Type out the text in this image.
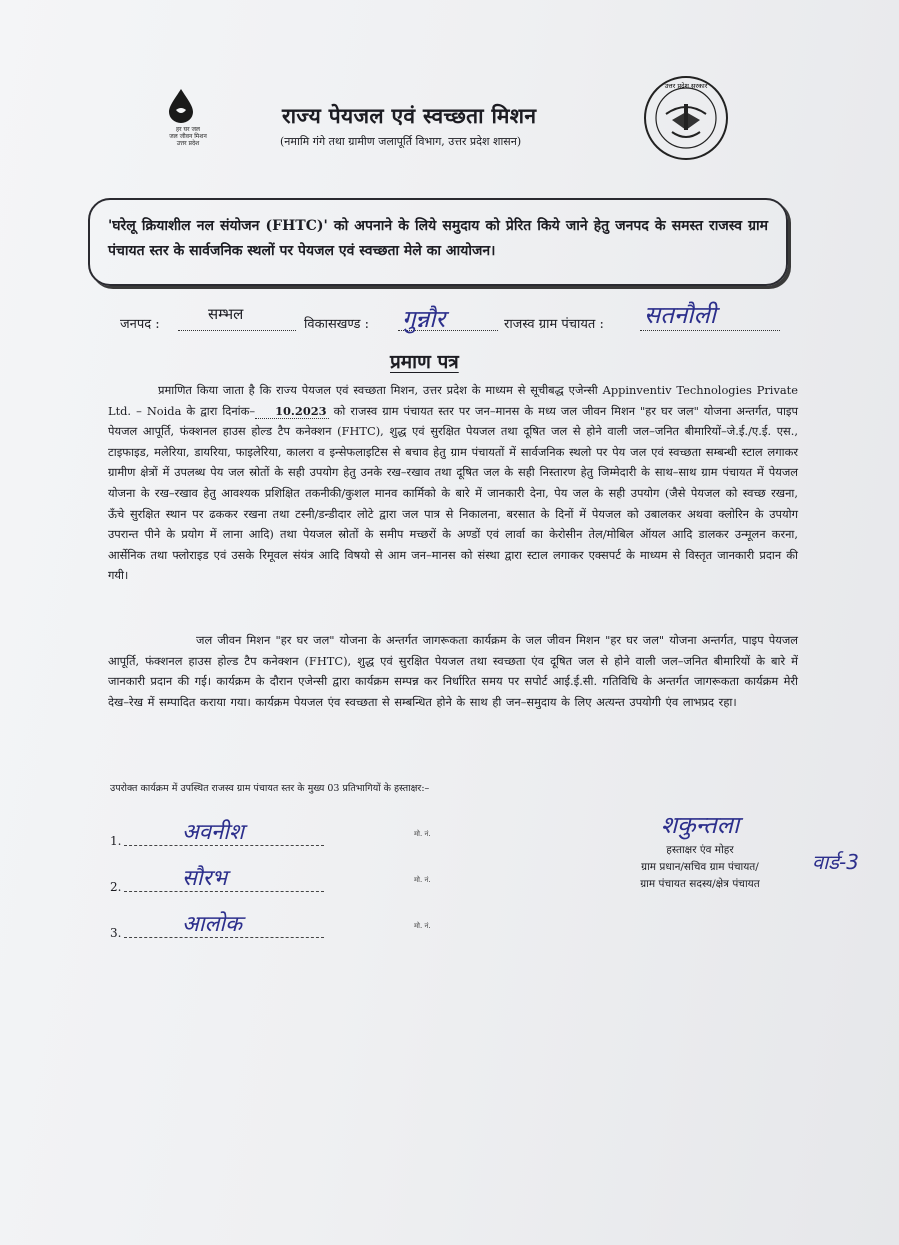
हर घर जल
जल जीवन मिशन
उत्तर प्रदेश
राज्य पेयजल एवं स्वच्छता मिशन
(नमामि गंगे तथा ग्रामीण जलापूर्ति विभाग, उत्तर प्रदेश शासन)
उत्तर प्रदेश सरकार
'घरेलू क्रियाशील नल संयोजन (FHTC)' को अपनाने के लिये समुदाय को प्रेरित किये जाने हेतु जनपद के समस्त राजस्व ग्राम पंचायत स्तर के सार्वजनिक स्थलों पर पेयजल एवं स्वच्छता मेले का आयोजन।
जनपद :
सम्भल
विकासखण्ड : गुन्नौर	राजस्व ग्राम पंचायत : सतनौली
प्रमाण पत्र
प्रमाणित किया जाता है कि राज्य पेयजल एवं स्वच्छता मिशन, उत्तर प्रदेश के माध्यम से सूचीबद्ध एजेन्सी Appinventiv Technologies Private Ltd. – Noida के द्वारा दिनांक– 10.2023 को राजस्व ग्राम पंचायत स्तर पर जन–मानस के मध्य जल जीवन मिशन "हर घर जल" योजना अन्तर्गत, पाइप पेयजल आपूर्ति, फंक्शनल हाउस होल्ड टैप कनेक्शन (FHTC), शुद्ध एवं सुरक्षित पेयजल तथा दूषित जल से होने वाली जल–जनित बीमारियों–जे.ई./ए.ई. एस., टाइफाइड, मलेरिया, डायरिया, फाइलेरिया, कालरा व इन्सेफलाइटिस से बचाव हेतु ग्राम पंचायतों में सार्वजनिक स्थलो पर पेय जल एवं स्वच्छता सम्बन्धी स्टाल लगाकर ग्रामीण क्षेत्रों में उपलब्ध पेय जल स्रोतों के सही उपयोग हेतु उनके रख–रखाव तथा दूषित जल के सही निस्तारण हेतु जिम्मेदारी के साथ–साथ ग्राम पंचायत में पेयजल योजना के रख–रखाव हेतु आवश्यक प्रशिक्षित तकनीकी/कुशल मानव कार्मिको के बारे में जानकारी देना, पेय जल के सही उपयोग (जैसे पेयजल को स्वच्छ रखना, ऊँचे सुरक्षित स्थान पर ढककर रखना तथा टस्नी/डन्डीदार लोटे द्वारा जल पात्र से निकालना, बरसात के दिनों में पेयजल को उबालकर अथवा क्लोरिन के उपयोग उपरान्त पीने के प्रयोग में लाना आदि) तथा पेयजल स्रोतों के समीप मच्छरों के अण्डों एवं लार्वा का केरोसीन तेल/मोबिल ऑयल आदि डालकर उन्मूलन करना, आर्सेनिक तथा फ्लोराइड एवं उसके रिमूवल संयंत्र आदि विषयो से आम जन–मानस को संस्था द्वारा स्टाल लगाकर एक्सपर्ट के माध्यम से विस्तृत जानकारी प्रदान की गयी।
जल जीवन मिशन "हर घर जल" योजना के अन्तर्गत जागरूकता कार्यक्रम के जल जीवन मिशन "हर घर जल" योजना अन्तर्गत, पाइप पेयजल आपूर्ति, फंक्शनल हाउस होल्ड टैप कनेक्शन (FHTC), शुद्ध एवं सुरक्षित पेयजल तथा स्वच्छता एंव दूषित जल से होने वाली जल–जनित बीमारियों के बारे में जानकारी प्रदान की गई। कार्यक्रम के दौरान एजेन्सी द्वारा कार्यक्रम सम्पन्न कर निर्धारित समय पर सपोर्ट आई.ई.सी. गतिविधि के अन्तर्गत जागरूकता कार्यक्रम मेरी देख–रेख में सम्पादित कराया गया। कार्यक्रम पेयजल एंव स्वच्छता से सम्बन्धित होने के साथ ही जन–समुदाय के लिए अत्यन्त उपयोगी एंव लाभप्रद रहा।
उपरोक्त कार्यक्रम में उपस्थित राजस्व ग्राम पंचायत स्तर के मुख्य 03 प्रतिभागियों के हस्ताक्षर:–
1.	अवनीश	मो. नं.
2.	सौरभ	मो. नं.
3.	आलोक	मो. नं.
शकुन्तला
हस्ताक्षर एंव मोहर
ग्राम प्रधान/सचिव ग्राम पंचायत/
ग्राम पंचायत सदस्य/क्षेत्र पंचायत
वार्ड-3
